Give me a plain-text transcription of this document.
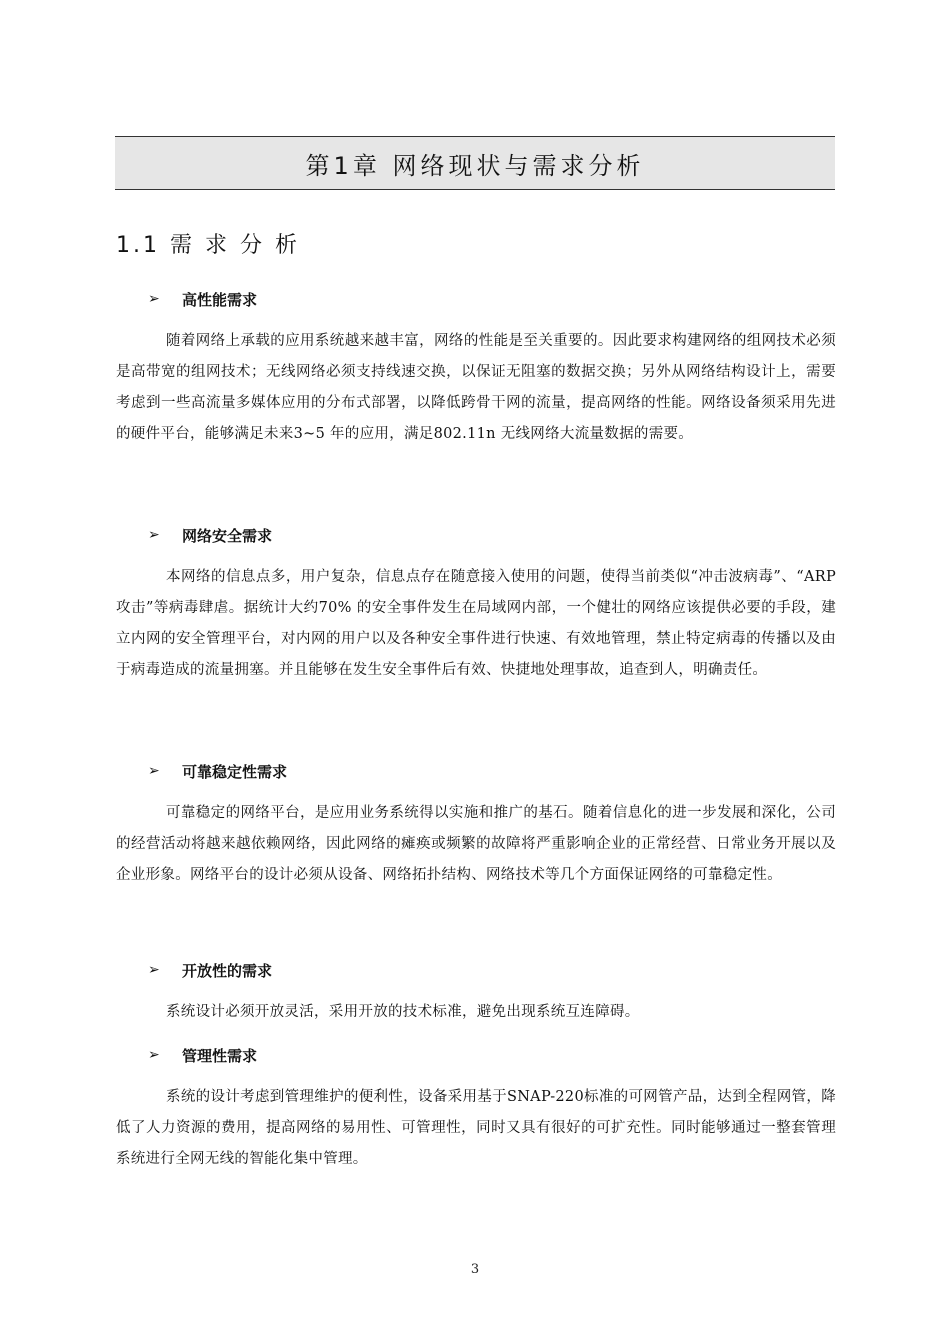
第1章 网络现状与需求分析
1.1 需 求 分 析
➢ 高性能需求

随着网络上承载的应用系统越来越丰富，网络的性能是至关重要的。因此要求构建网络的组网技术必须是高带宽的组网技术；无线网络必须支持线速交换，以保证无阻塞的数据交换；另外从网络结构设计上，需要考虑到一些高流量多媒体应用的分布式部署，以降低跨骨干网的流量，提高网络的性能。网络设备须采用先进的硬件平台，能够满足未来3~5 年的应用，满足802.11n 无线网络大流量数据的需要。

➢ 网络安全需求

本网络的信息点多，用户复杂，信息点存在随意接入使用的问题，使得当前类似“冲击波病毒”、“ARP 攻击”等病毒肆虐。据统计大约70% 的安全事件发生在局域网内部，一个健壮的网络应该提供必要的手段，建立内网的安全管理平台，对内网的用户以及各种安全事件进行快速、有效地管理，禁止特定病毒的传播以及由于病毒造成的流量拥塞。并且能够在发生安全事件后有效、快捷地处理事故，追查到人，明确责任。

➢ 可靠稳定性需求

可靠稳定的网络平台，是应用业务系统得以实施和推广的基石。随着信息化的进一步发展和深化，公司的经营活动将越来越依赖网络，因此网络的瘫痪或频繁的故障将严重影响企业的正常经营、日常业务开展以及企业形象。网络平台的设计必须从设备、网络拓扑结构、网络技术等几个方面保证网络的可靠稳定性。

➢ 开放性的需求

系统设计必须开放灵活，采用开放的技术标准，避免出现系统互连障碍。

➢ 管理性需求

系统的设计考虑到管理维护的便利性，设备采用基于SNAP-220标准的可网管产品，达到全程网管，降低了人力资源的费用，提高网络的易用性、可管理性，同时又具有很好的可扩充性。同时能够通过一整套管理系统进行全网无线的智能化集中管理。

3
